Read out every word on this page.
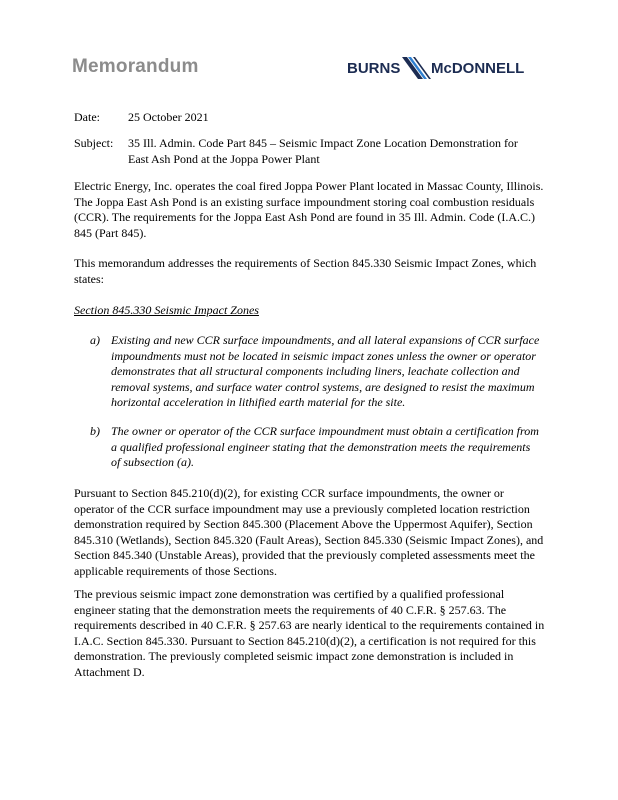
Memorandum	BURNS McDONNELL
Date: 25 October 2021
Subject: 35 Ill. Admin. Code Part 845 – Seismic Impact Zone Location Demonstration for East Ash Pond at the Joppa Power Plant
Electric Energy, Inc. operates the coal fired Joppa Power Plant located in Massac County, Illinois. The Joppa East Ash Pond is an existing surface impoundment storing coal combustion residuals (CCR). The requirements for the Joppa East Ash Pond are found in 35 Ill. Admin. Code (I.A.C.) 845 (Part 845).
This memorandum addresses the requirements of Section 845.330 Seismic Impact Zones, which states:
Section 845.330 Seismic Impact Zones
a) Existing and new CCR surface impoundments, and all lateral expansions of CCR surface impoundments must not be located in seismic impact zones unless the owner or operator demonstrates that all structural components including liners, leachate collection and removal systems, and surface water control systems, are designed to resist the maximum horizontal acceleration in lithified earth material for the site.
b) The owner or operator of the CCR surface impoundment must obtain a certification from a qualified professional engineer stating that the demonstration meets the requirements of subsection (a).
Pursuant to Section 845.210(d)(2), for existing CCR surface impoundments, the owner or operator of the CCR surface impoundment may use a previously completed location restriction demonstration required by Section 845.300 (Placement Above the Uppermost Aquifer), Section 845.310 (Wetlands), Section 845.320 (Fault Areas), Section 845.330 (Seismic Impact Zones), and Section 845.340 (Unstable Areas), provided that the previously completed assessments meet the applicable requirements of those Sections.
The previous seismic impact zone demonstration was certified by a qualified professional engineer stating that the demonstration meets the requirements of 40 C.F.R. § 257.63. The requirements described in 40 C.F.R. § 257.63 are nearly identical to the requirements contained in I.A.C. Section 845.330. Pursuant to Section 845.210(d)(2), a certification is not required for this demonstration. The previously completed seismic impact zone demonstration is included in Attachment D.
